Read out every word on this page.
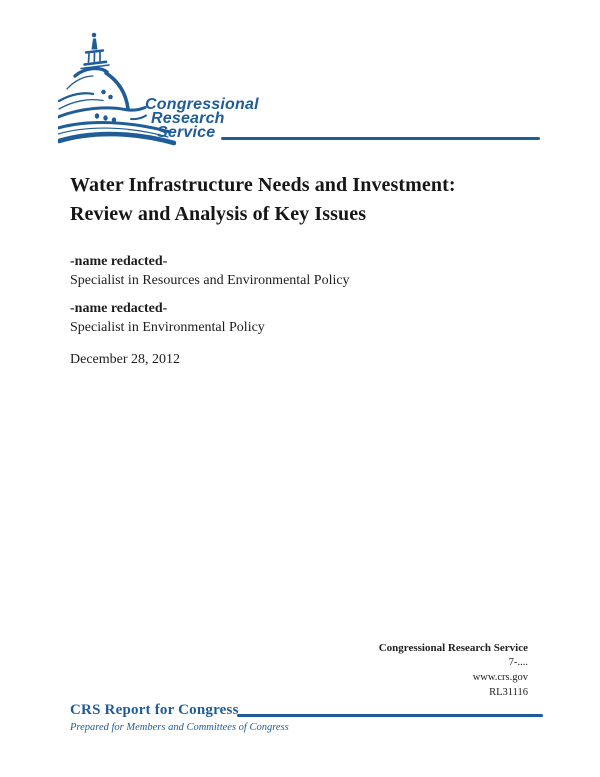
Congressional
Research
Service
Water Infrastructure Needs and Investment:
Review and Analysis of Key Issues
-name redacted-
Specialist in Resources and Environmental Policy
-name redacted-
Specialist in Environmental Policy
December 28, 2012
Congressional Research Service
7-....
www.crs.gov
RL31116
CRS Report for Congress
Prepared for Members and Committees of Congress
